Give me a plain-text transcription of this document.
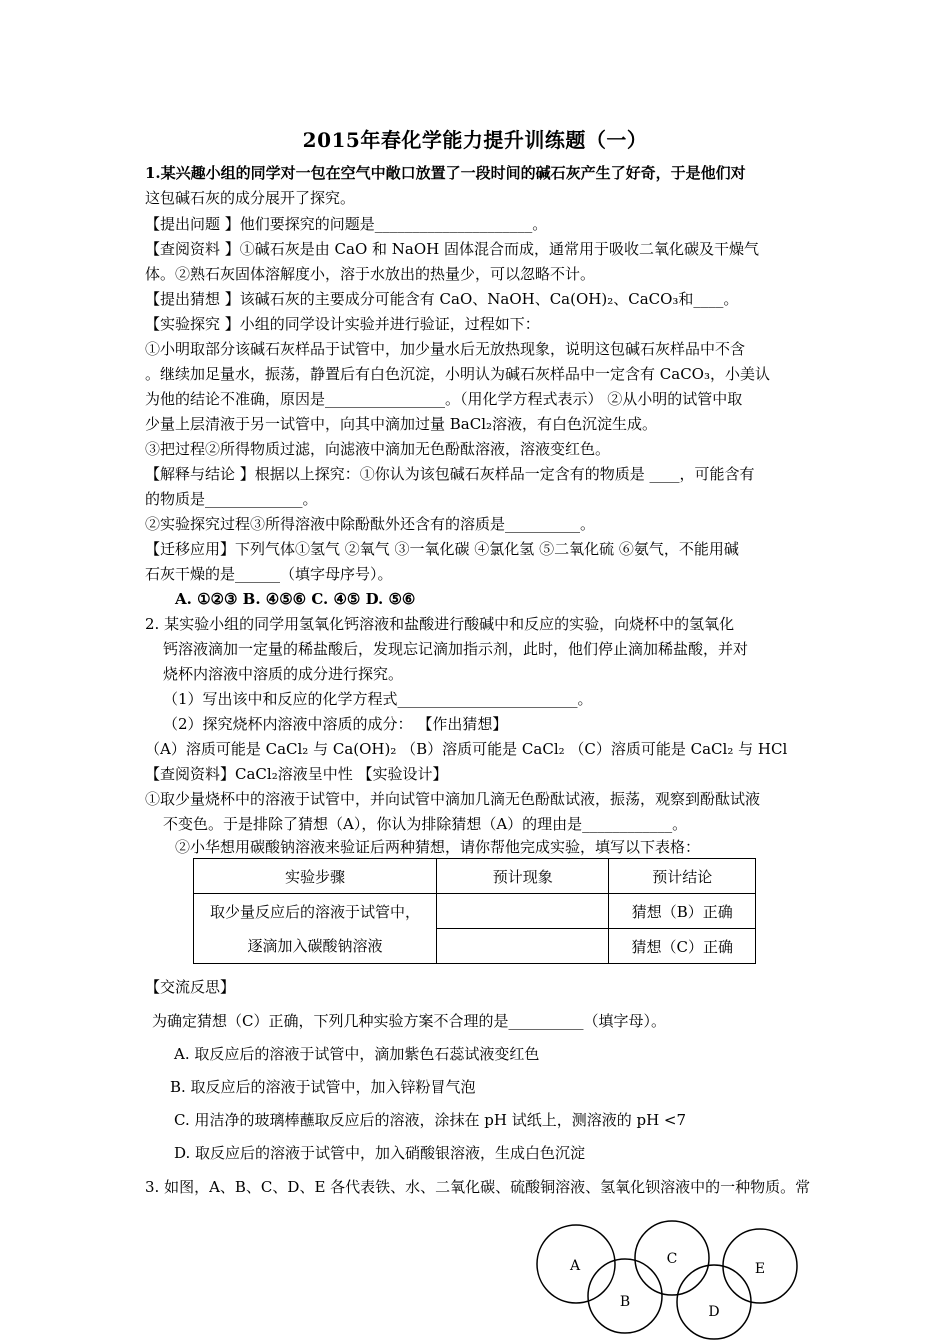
2015年春化学能力提升训练题（一）
1.某兴趣小组的同学对一包在空气中敞口放置了一段时间的碱石灰产生了好奇，于是他们对
这包碱石灰的成分展开了探究。
【提出问题 】他们要探究的问题是_____________________。
【查阅资料 】①碱石灰是由 CaO 和 NaOH 固体混合而成，通常用于吸收二氧化碳及干燥气
体。②熟石灰固体溶解度小，溶于水放出的热量少，可以忽略不计。
【提出猜想 】该碱石灰的主要成分可能含有 CaO、NaOH、Ca(OH)₂、CaCO₃和____。
【实验探究 】小组的同学设计实验并进行验证，过程如下：
①小明取部分该碱石灰样品于试管中，加少量水后无放热现象，说明这包碱石灰样品中不含
。继续加足量水，振荡，静置后有白色沉淀，小明认为碱石灰样品中一定含有 CaCO₃，小美认
为他的结论不准确，原因是________________。（用化学方程式表示） ②从小明的试管中取
少量上层清液于另一试管中，向其中滴加过量 BaCl₂溶液，有白色沉淀生成。
③把过程②所得物质过滤，向滤液中滴加无色酚酞溶液，溶液变红色。
【解释与结论 】根据以上探究：①你认为该包碱石灰样品一定含有的物质是 ____，可能含有
的物质是_____________。
②实验探究过程③所得溶液中除酚酞外还含有的溶质是__________。
【迁移应用】下列气体①氢气 ②氧气 ③一氧化碳 ④氯化氢 ⑤二氧化硫 ⑥氨气，不能用碱
石灰干燥的是______（填字母序号）。
A. ①②③ B. ④⑤⑥ C. ④⑤ D. ⑤⑥
2. 某实验小组的同学用氢氧化钙溶液和盐酸进行酸碱中和反应的实验，向烧杯中的氢氧化
钙溶液滴加一定量的稀盐酸后，发现忘记滴加指示剂，此时，他们停止滴加稀盐酸，并对
烧杯内溶液中溶质的成分进行探究。
（1）写出该中和反应的化学方程式________________________。
（2）探究烧杯内溶液中溶质的成分： 【作出猜想】
（A）溶质可能是 CaCl₂ 与 Ca(OH)₂ （B）溶质可能是 CaCl₂ （C）溶质可能是 CaCl₂ 与 HCl
【查阅资料】CaCl₂溶液呈中性 【实验设计】
①取少量烧杯中的溶液于试管中，并向试管中滴加几滴无色酚酞试液，振荡，观察到酚酞试液
不变色。于是排除了猜想（A），你认为排除猜想（A）的理由是____________。
②小华想用碳酸钠溶液来验证后两种猜想，请你帮他完成实验，填写以下表格：
实验步骤	预计现象	预计结论

取少量反应后的溶液于试管中，
逐滴加入碳酸钠溶液		猜想（B）正确
		猜想（C）正确
【交流反思】
为确定猜想（C）正确，下列几种实验方案不合理的是__________（填字母）。
A. 取反应后的溶液于试管中，滴加紫色石蕊试液变红色
B. 取反应后的溶液于试管中，加入锌粉冒气泡
C. 用洁净的玻璃棒蘸取反应后的溶液，涂抹在 pH 试纸上，测溶液的 pH <7
D. 取反应后的溶液于试管中，加入硝酸银溶液，生成白色沉淀
3. 如图，A、B、C、D、E 各代表铁、水、二氧化碳、硫酸铜溶液、氢氧化钡溶液中的一种物质。常
A
B
C
D
E
